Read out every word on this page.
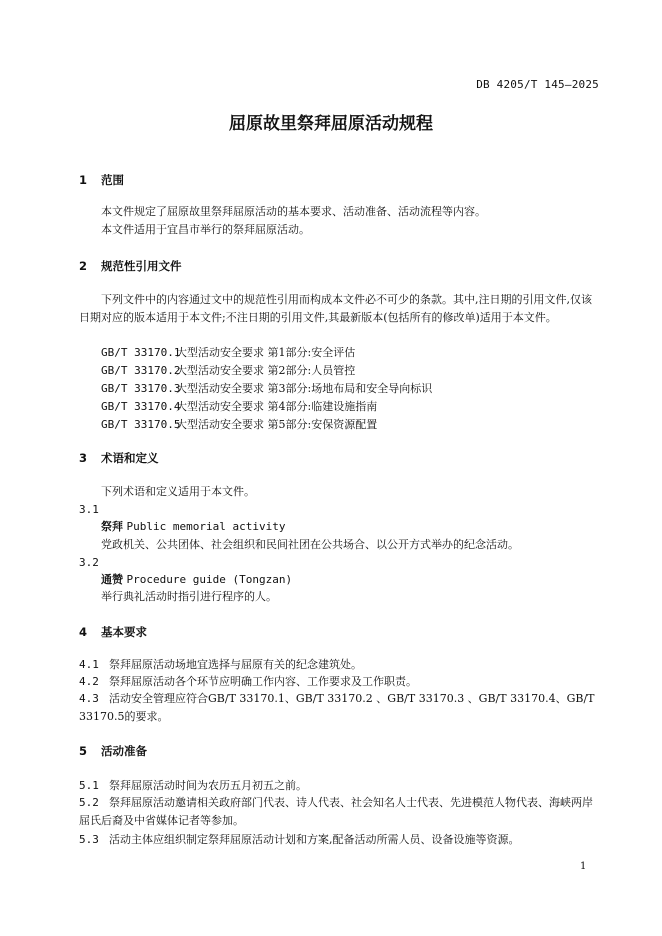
DB 4205/T 145—2025
屈原故里祭拜屈原活动规程
1 范围
本文件规定了屈原故里祭拜屈原活动的基本要求、活动准备、活动流程等内容。
本文件适用于宜昌市举行的祭拜屈原活动。
2 规范性引用文件
下列文件中的内容通过文中的规范性引用而构成本文件必不可少的条款。其中,注日期的引用文件,仅该日期对应的版本适用于本文件;不注日期的引用文件,其最新版本(包括所有的修改单)适用于本文件。
GB/T 33170.1大型活动安全要求 第1部分:安全评估
GB/T 33170.2大型活动安全要求 第2部分:人员管控
GB/T 33170.3大型活动安全要求 第3部分:场地布局和安全导向标识
GB/T 33170.4大型活动安全要求 第4部分:临建设施指南
GB/T 33170.5大型活动安全要求 第5部分:安保资源配置
3 术语和定义
下列术语和定义适用于本文件。
3.1
祭拜 Public memorial activity
党政机关、公共团体、社会组织和民间社团在公共场合、以公开方式举办的纪念活动。
3.2
通赞 Procedure guide (Tongzan)
举行典礼活动时指引进行程序的人。
4 基本要求
4.1 祭拜屈原活动场地宜选择与屈原有关的纪念建筑处。
4.2 祭拜屈原活动各个环节应明确工作内容、工作要求及工作职责。
4.3 活动安全管理应符合GB/T 33170.1、GB/T 33170.2 、GB/T 33170.3 、GB/T 33170.4、GB/T 33170.5的要求。
5 活动准备
5.1 祭拜屈原活动时间为农历五月初五之前。
5.2 祭拜屈原活动邀请相关政府部门代表、诗人代表、社会知名人士代表、先进模范人物代表、海峡两岸屈氏后裔及中省媒体记者等参加。
5.3 活动主体应组织制定祭拜屈原活动计划和方案,配备活动所需人员、设备设施等资源。
1
